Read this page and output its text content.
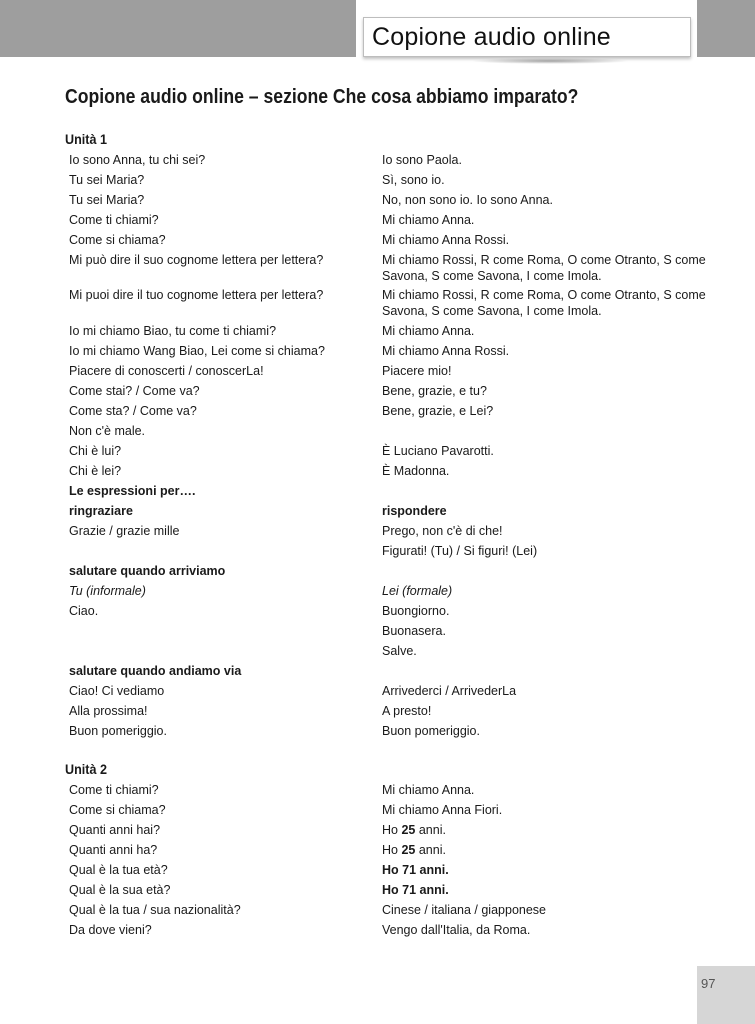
Copione audio online
Copione audio online – sezione Che cosa abbiamo imparato?
Unità 1
Io sono Anna, tu chi sei?
Tu sei Maria?
Tu sei Maria?
Come ti chiami?
Come si chiama?
Mi può dire il suo cognome lettera per lettera?
Mi puoi dire il tuo cognome lettera per lettera?
Io mi chiamo Biao, tu come ti chiami?
Io mi chiamo Wang Biao, Lei come si chiama?
Piacere di conoscerti / conoscerLa!
Come stai? / Come va?
Come sta? / Come va?
Non c'è male.
Chi è lui?
Chi è lei?
Le espressioni per….
ringraziare
Grazie / grazie mille
salutare quando arriviamo
Tu (informale)
Ciao.
salutare quando andiamo via
Ciao! Ci vediamo
Alla prossima!
Buon pomeriggio.
Io sono Paola.
Sì, sono io.
No, non sono io. Io sono Anna.
Mi chiamo Anna.
Mi chiamo Anna Rossi.
Mi chiamo Rossi, R come Roma, O come Otranto, S come Savona, S come Savona, I come Imola.
Mi chiamo Rossi, R come Roma, O come Otranto, S come Savona, S come Savona, I come Imola.
Mi chiamo Anna.
Mi chiamo Anna Rossi.
Piacere mio!
Bene, grazie, e tu?
Bene, grazie, e Lei?
È Luciano Pavarotti.
È Madonna.
rispondere
Prego, non c'è di che!
Figurati! (Tu) / Si figuri! (Lei)
Lei (formale)
Buongiorno.
Buonasera.
Salve.
Arrivederci / ArrivederLa
A presto!
Buon pomeriggio.
Unità 2
Come ti chiami?
Come si chiama?
Quanti anni hai?
Quanti anni ha?
Qual è la tua età?
Qual è la sua età?
Qual è la tua / sua nazionalità?
Da dove vieni?
Mi chiamo Anna.
Mi chiamo Anna Fiori.
Ho 25 anni.
Ho 25 anni.
Ho 71 anni.
Ho 71 anni.
Cinese / italiana / giapponese
Vengo dall'Italia, da Roma.
97
